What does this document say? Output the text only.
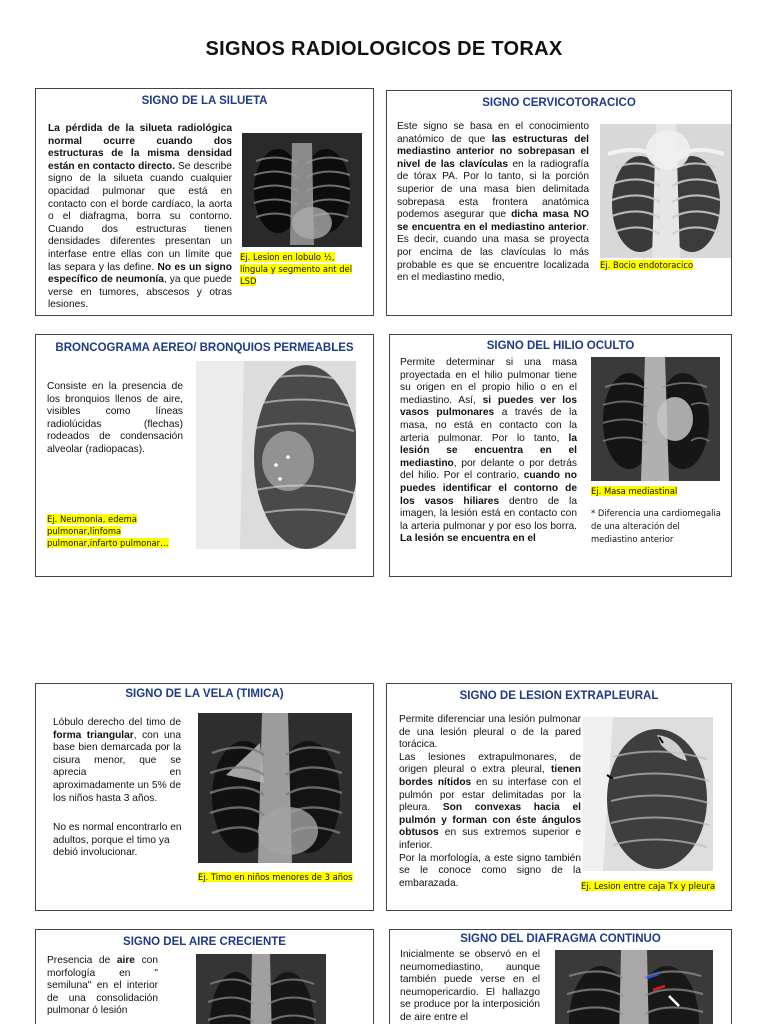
SIGNOS RADIOLOGICOS DE TORAX
SIGNO DE LA SILUETA
La pérdida de la silueta radiológica normal ocurre cuando dos estructuras de la misma densidad están en contacto directo. Se describe signo de la silueta cuando cualquier opacidad pulmonar que está en contacto con el borde cardíaco, la aorta o el diafragma, borra su contorno. Cuando dos estructuras tienen densidades diferentes presentan un interfase entre ellas con un límite que las separa y las define. No es un signo específico de neumonía, ya que puede verse en tumores, abscesos y otras lesiones.
Ej. Lesion en lobulo ½, língula y segmento ant del LSD
SIGNO CERVICOTORACICO
Este signo se basa en el conocimiento anatómico de que las estructuras del mediastino anterior no sobrepasan el nivel de las clavículas en la radiografía de tórax PA. Por lo tanto, si la porción superior de una masa bien delimitada sobrepasa esta frontera anatómica podemos asegurar que dicha masa NO se encuentra en el mediastino anterior. Es decir, cuando una masa se proyecta por encima de las clavículas lo más probable es que se encuentre localizada en el mediastino medio,
Ej. Bocio endotoracico
BRONCOGRAMA AEREO/ BRONQUIOS PERMEABLES
Consiste en la presencia de los bronquios llenos de aire, visibles como líneas radiolúcidas (flechas) rodeados de condensación alveolar (radiopacas).
Ej. Neumonía, edema pulmonar,linfoma pulmonar,infarto pulmonar…
SIGNO DEL HILIO OCULTO
Permite determinar si una masa proyectada en el hilio pulmonar tiene su origen en el propio hilio o en el mediastino. Así, si puedes ver los vasos pulmonares a través de la masa, no está en contacto con la arteria pulmonar. Por lo tanto, la lesión se encuentra en el mediastino, por delante o por detrás del hilio. Por el contrario, cuando no puedes identificar el contorno de los vasos hiliares dentro de la imagen, la lesión está en contacto con la arteria pulmonar y por eso los borra. La lesión se encuentra en el
Ej. Masa mediastinal
* Diferencia una cardiomegalia de una alteración del mediastino anterior
SIGNO DE LA VELA (TIMICA)
Lóbulo derecho del timo de forma triangular, con una base bien demarcada por la cisura menor, que se aprecia en aproximadamente un 5% de los niños hasta 3 años.
No es normal encontrarlo en adultos, porque el timo ya debió involucionar.
Ej. Timo en niños menores de 3 años
SIGNO DE LESION EXTRAPLEURAL
Permite diferenciar una lesión pulmonar de una lesión pleural o de la pared torácica.
Las lesiones extrapulmonares, de origen pleural o extra pleural, tienen bordes nítidos en su interfase con el pulmón por estar delimitadas por la pleura. Son convexas hacia el pulmón y forman con éste ángulos obtusos en sus extremos superior e inferior.
Por la morfología, a este signo también se le conoce como signo de la embarazada.	Ej. Lesion entre caja Tx y pleura
SIGNO DEL AIRE CRECIENTE
Presencia de aire con morfología en " semiluna" en el interior de una consolidación pulmonar ó lesión
SIGNO DEL DIAFRAGMA CONTINUO
Inicialmente se observó en el neumomediastino, aunque también puede verse en el neumopericardio. El hallazgo se produce por la interposición de aire entre el
